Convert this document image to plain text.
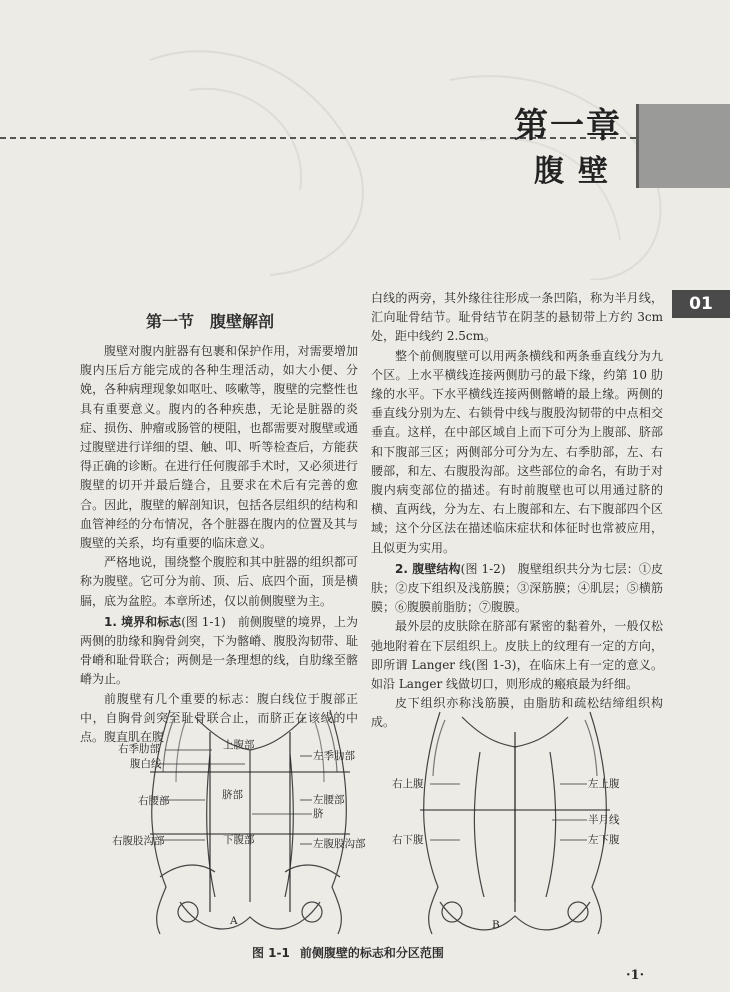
第一章
腹壁
01
第一节　腹壁解剖

腹壁对腹内脏器有包裹和保护作用，对需要增加腹内压后方能完成的各种生理活动，如大小便、分娩，各种病理现象如呕吐、咳嗽等，腹壁的完整性也具有重要意义。腹内的各种疾患，无论是脏器的炎症、损伤、肿瘤或肠管的梗阻，也都需要对腹壁或通过腹壁进行详细的望、触、叩、听等检查后，方能获得正确的诊断。在进行任何腹部手术时，又必须进行腹壁的切开并最后缝合，且要求在术后有完善的愈合。因此，腹壁的解剖知识，包括各层组织的结构和血管神经的分布情况，各个脏器在腹内的位置及其与腹壁的关系，均有重要的临床意义。

严格地说，围绕整个腹腔和其中脏器的组织都可称为腹壁。它可分为前、顶、后、底四个面，顶是横膈，底为盆腔。本章所述，仅以前侧腹壁为主。

1. 境界和标志(图 1-1)　前侧腹壁的境界，上为两侧的肋缘和胸骨剑突，下为髂嵴、腹股沟韧带、耻骨嵴和耻骨联合；两侧是一条理想的线，自肋缘至髂嵴为止。

前腹壁有几个重要的标志：腹白线位于腹部正中，自胸骨剑突至耻骨联合止，而脐正在该线的中点。腹直肌在腹

白线的两旁，其外缘往往形成一条凹陷，称为半月线，汇向耻骨结节。耻骨结节在阴茎的悬韧带上方约 3cm 处，距中线约 2.5cm。

整个前侧腹壁可以用两条横线和两条垂直线分为九个区。上水平横线连接两侧肋弓的最下缘，约第 10 肋缘的水平。下水平横线连接两侧髂嵴的最上缘。两侧的垂直线分别为左、右锁骨中线与腹股沟韧带的中点相交垂直。这样，在中部区域自上而下可分为上腹部、脐部和下腹部三区；两侧部分可分为左、右季肋部，左、右腰部，和左、右腹股沟部。这些部位的命名，有助于对腹内病变部位的描述。有时前腹壁也可以用通过脐的横、直两线，分为左、右上腹部和左、右下腹部四个区域；这个分区法在描述临床症状和体征时也常被应用，且似更为实用。

2. 腹壁结构(图 1-2)　腹壁组织共分为七层：①皮肤；②皮下组织及浅筋膜；③深筋膜；④肌层；⑤横筋膜；⑥腹膜前脂肪；⑦腹膜。

最外层的皮肤除在脐部有紧密的黏着外，一般仅松弛地附着在下层组织上。皮肤上的纹理有一定的方向，即所谓 Langer 线(图 1-3)，在临床上有一定的意义。如沿 Langer 线做切口，则形成的瘢痕最为纤细。

皮下组织亦称浅筋膜，由脂肪和疏松结缔组织构成。

上腹部
右季肋部
腹白线
脐部
左季肋部
右腰部	左腰部
脐
右腹股沟部	下腹部	左腹股沟部
A
右上腹	左上腹
半月线
右下腹	左下腹
B
图 1-1 前侧腹壁的标志和分区范围
·1·
